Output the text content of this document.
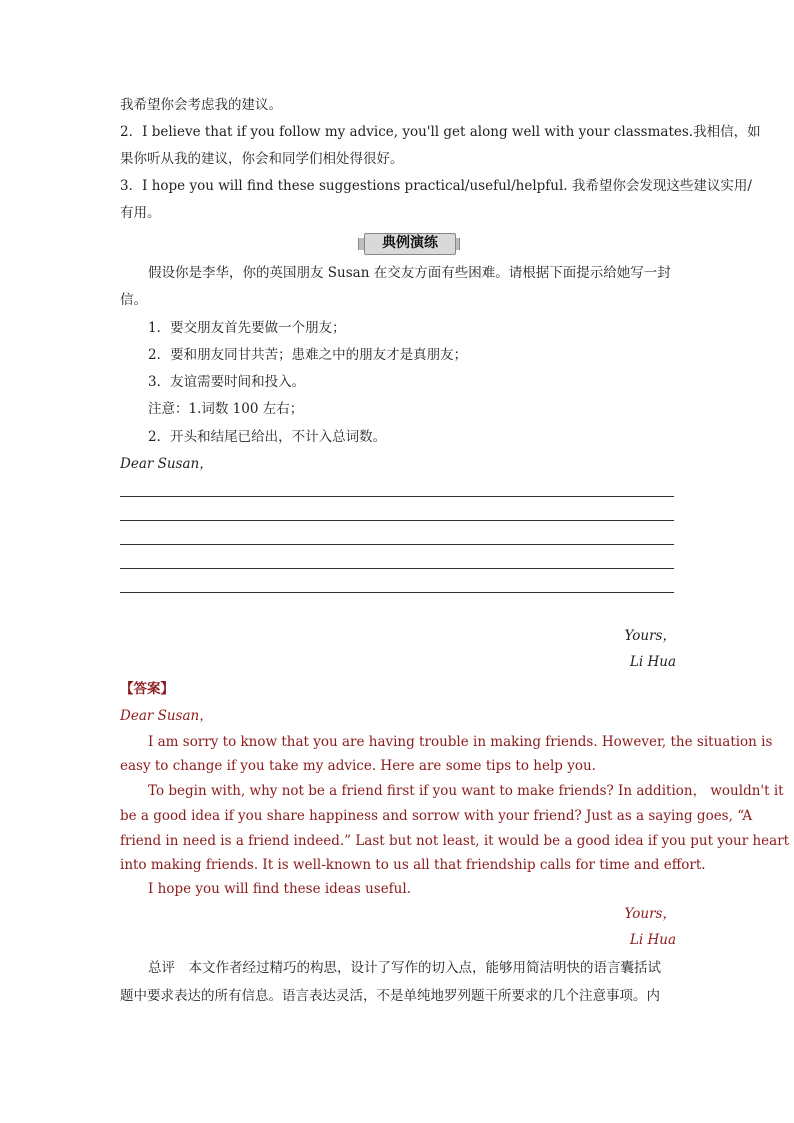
我希望你会考虑我的建议。
2．I believe that if you follow my advice, you'll get along well with your classmates.我相信，如
果你听从我的建议，你会和同学们相处得很好。
3．I hope you will find these suggestions practical/useful/helpful. 我希望你会发现这些建议实用/
有用。
典例演练
假设你是李华，你的英国朋友 Susan 在交友方面有些困难。请根据下面提示给她写一封
信。
1．要交朋友首先要做一个朋友；
2．要和朋友同甘共苦；患难之中的朋友才是真朋友；
3．友谊需要时间和投入。
注意：1.词数 100 左右；
2．开头和结尾已给出，不计入总词数。
Dear Susan，
Yours，
Li Hua
【答案】
Dear Susan，
I am sorry to know that you are having trouble in making friends. However, the situation is
easy to change if you take my advice. Here are some tips to help you.
To begin with, why not be a friend first if you want to make friends? In addition， wouldn't it
be a good idea if you share happiness and sorrow with your friend? Just as a saying goes, “A
friend in need is a friend indeed.” Last but not least, it would be a good idea if you put your heart
into making friends. It is well-known to us all that friendship calls for time and effort.
I hope you will find these ideas useful.
Yours，
Li Hua
总评　本文作者经过精巧的构思，设计了写作的切入点，能够用简洁明快的语言囊括试
题中要求表达的所有信息。语言表达灵活，不是单纯地罗列题干所要求的几个注意事项。内
